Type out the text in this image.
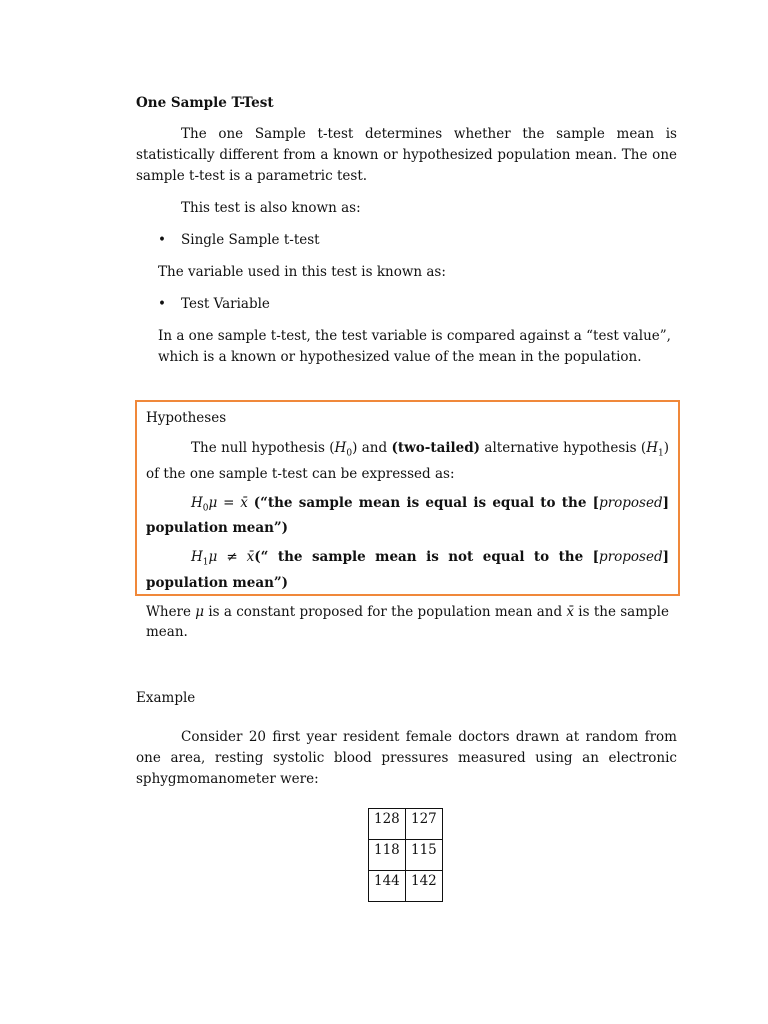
One Sample T-Test

The one Sample t-test determines whether the sample mean is statistically different from a known or hypothesized population mean. The one sample t-test is a parametric test.

This test is also known as:

• Single Sample t-test

The variable used in this test is known as:

• Test Variable

In a one sample t-test, the test variable is compared against a “test value”, which is a known or hypothesized value of the mean in the population.

Hypotheses

The null hypothesis $(H_0)$ and (two-tailed) alternative hypothesis $(H_1)$ of the one sample t-test can be expressed as:

$H_0\mu$ = x̄ (“the sample mean is equal is equal to the [proposed] population mean”)

$H_1\mu$ ≠ x̄(“ the sample mean is not equal to the [proposed] population mean”)

Where μ is a constant proposed for the population mean and x̄ is the sample mean.

Example

Consider 20 first year resident female doctors drawn at random from one area, resting systolic blood pressures measured using an electronic sphygmomanometer were:

128	127
118	115
144	142
